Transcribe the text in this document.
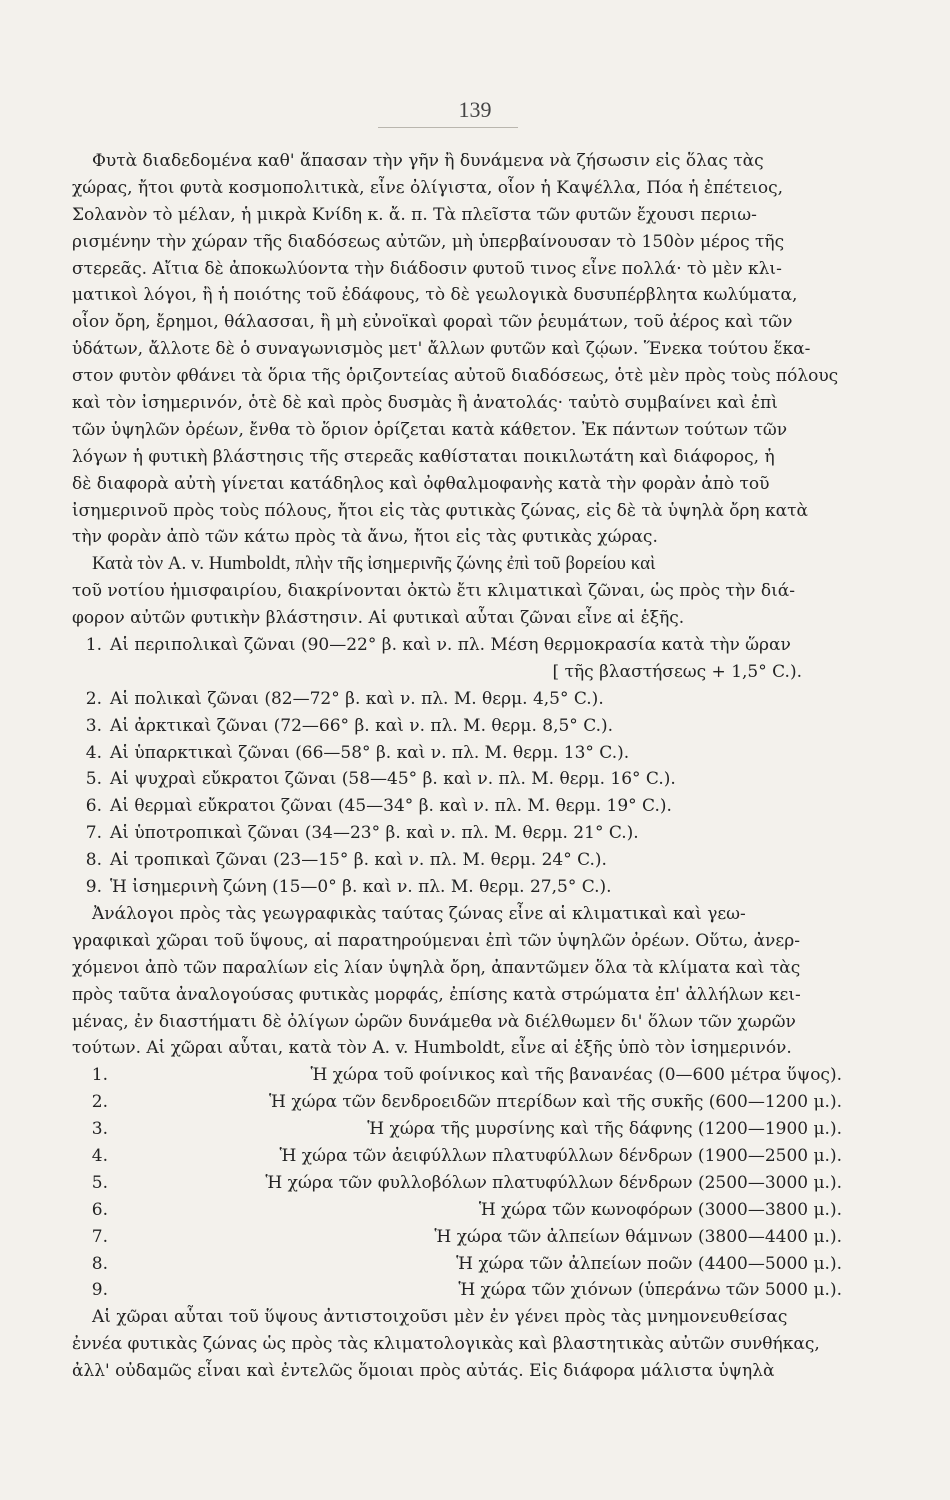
139
Φυτὰ διαδεδομένα καθ' ἅπασαν τὴν γῆν ἢ δυνάμενα νὰ ζήσωσιν εἰς ὅλας τὰς
χώρας, ἤτοι φυτὰ κοσμοπολιτικὰ, εἶνε ὀλίγιστα, οἷον ἡ Καψέλλα, Πόα ἡ ἐπέτειος,
Σολανὸν τὸ μέλαν, ἡ μικρὰ Κνίδη κ. ἄ. π. Τὰ πλεῖστα τῶν φυτῶν ἔχουσι περιω-
ρισμένην τὴν χώραν τῆς διαδόσεως αὐτῶν, μὴ ὑπερβαίνουσαν τὸ 150ὸν μέρος τῆς
στερεᾶς. Αἴτια δὲ ἀποκωλύοντα τὴν διάδοσιν φυτοῦ τινος εἶνε πολλά· τὸ μὲν κλι-
ματικοὶ λόγοι, ἢ ἡ ποιότης τοῦ ἐδάφους, τὸ δὲ γεωλογικὰ δυσυπέρβλητα κωλύματα,
οἷον ὄρη, ἔρημοι, θάλασσαι, ἢ μὴ εὐνοϊκαὶ φοραὶ τῶν ῥευμάτων, τοῦ ἀέρος καὶ τῶν
ὑδάτων, ἄλλοτε δὲ ὁ συναγωνισμὸς μετ' ἄλλων φυτῶν καὶ ζῴων. Ἕνεκα τούτου ἕκα-
στον φυτὸν φθάνει τὰ ὅρια τῆς ὁριζοντείας αὐτοῦ διαδόσεως, ὁτὲ μὲν πρὸς τοὺς πόλους
καὶ τὸν ἰσημερινόν, ὁτὲ δὲ καὶ πρὸς δυσμὰς ἢ ἀνατολάς· ταὐτὸ συμβαίνει καὶ ἐπὶ
τῶν ὑψηλῶν ὀρέων, ἔνθα τὸ ὅριον ὁρίζεται κατὰ κάθετον. Ἐκ πάντων τούτων τῶν
λόγων ἡ φυτικὴ βλάστησις τῆς στερεᾶς καθίσταται ποικιλωτάτη καὶ διάφορος, ἡ
δὲ διαφορὰ αὐτὴ γίνεται κατάδηλος καὶ ὀφθαλμοφανὴς κατὰ τὴν φορὰν ἀπὸ τοῦ
ἰσημερινοῦ πρὸς τοὺς πόλους, ἤτοι εἰς τὰς φυτικὰς ζώνας, εἰς δὲ τὰ ὑψηλὰ ὄρη κατὰ
τὴν φορὰν ἀπὸ τῶν κάτω πρὸς τὰ ἄνω, ἤτοι εἰς τὰς φυτικὰς χώρας.
Κατὰ τὸν A. v. Humboldt, πλὴν τῆς ἰσημερινῆς ζώνης ἐπὶ τοῦ βορείου καὶ
τοῦ νοτίου ἡμισφαιρίου, διακρίνονται ὀκτὼ ἔτι κλιματικαὶ ζῶναι, ὡς πρὸς τὴν διά-
φορον αὐτῶν φυτικὴν βλάστησιν. Αἱ φυτικαὶ αὗται ζῶναι εἶνε αἱ ἑξῆς.
1. Αἱ περιπολικαὶ ζῶναι (90—22° β. καὶ ν. πλ. Μέση θερμοκρασία κατὰ τὴν ὥραν
[ τῆς βλαστήσεως + 1,5° C.).
2. Αἱ πολικαὶ ζῶναι (82—72° β. καὶ ν. πλ. Μ. θερμ. 4,5° C.).
3. Αἱ ἀρκτικαὶ ζῶναι (72—66° β. καὶ ν. πλ. Μ. θερμ. 8,5° C.).
4. Αἱ ὑπαρκτικαὶ ζῶναι (66—58° β. καὶ ν. πλ. Μ. θερμ. 13° C.).
5. Αἱ ψυχραὶ εὔκρατοι ζῶναι (58—45° β. καὶ ν. πλ. Μ. θερμ. 16° C.).
6. Αἱ θερμαὶ εὔκρατοι ζῶναι (45—34° β. καὶ ν. πλ. Μ. θερμ. 19° C.).
7. Αἱ ὑποτροπικαὶ ζῶναι (34—23° β. καὶ ν. πλ. Μ. θερμ. 21° C.).
8. Αἱ τροπικαὶ ζῶναι (23—15° β. καὶ ν. πλ. Μ. θερμ. 24° C.).
9. Ἡ ἰσημερινὴ ζώνη (15—0° β. καὶ ν. πλ. Μ. θερμ. 27,5° C.).
Ἀνάλογοι πρὸς τὰς γεωγραφικὰς ταύτας ζώνας εἶνε αἱ κλιματικαὶ καὶ γεω-
γραφικαὶ χῶραι τοῦ ὕψους, αἱ παρατηρούμεναι ἐπὶ τῶν ὑψηλῶν ὀρέων. Οὕτω, ἀνερ-
χόμενοι ἀπὸ τῶν παραλίων εἰς λίαν ὑψηλὰ ὄρη, ἀπαντῶμεν ὅλα τὰ κλίματα καὶ τὰς
πρὸς ταῦτα ἀναλογούσας φυτικὰς μορφάς, ἐπίσης κατὰ στρώματα ἐπ' ἀλλήλων κει-
μένας, ἐν διαστήματι δὲ ὀλίγων ὡρῶν δυνάμεθα νὰ διέλθωμεν δι' ὅλων τῶν χωρῶν
τούτων. Αἱ χῶραι αὗται, κατὰ τὸν A. v. Humboldt, εἶνε αἱ ἑξῆς ὑπὸ τὸν ἰσημερινόν.
1.	Ἡ χώρα τοῦ φοίνικος καὶ τῆς βανανέας (0—600 μέτρα ὕψος).
2.	Ἡ χώρα τῶν δενδροειδῶν πτερίδων καὶ τῆς συκῆς (600—1200 μ.).
3.	Ἡ χώρα τῆς μυρσίνης καὶ τῆς δάφνης (1200—1900 μ.).
4.	Ἡ χώρα τῶν ἀειφύλλων πλατυφύλλων δένδρων (1900—2500 μ.).
5.	Ἡ χώρα τῶν φυλλοβόλων πλατυφύλλων δένδρων (2500—3000 μ.).
6.	Ἡ χώρα τῶν κωνοφόρων (3000—3800 μ.).
7.	Ἡ χώρα τῶν ἀλπείων θάμνων (3800—4400 μ.).
8.	Ἡ χώρα τῶν ἀλπείων ποῶν (4400—5000 μ.).
9.	Ἡ χώρα τῶν χιόνων (ὑπεράνω τῶν 5000 μ.).
Αἱ χῶραι αὗται τοῦ ὕψους ἀντιστοιχοῦσι μὲν ἐν γένει πρὸς τὰς μνημονευθείσας
ἐννέα φυτικὰς ζώνας ὡς πρὸς τὰς κλιματολογικὰς καὶ βλαστητικὰς αὐτῶν συνθήκας,
ἀλλ' οὐδαμῶς εἶναι καὶ ἐντελῶς ὅμοιαι πρὸς αὐτάς. Εἰς διάφορα μάλιστα ὑψηλὰ
